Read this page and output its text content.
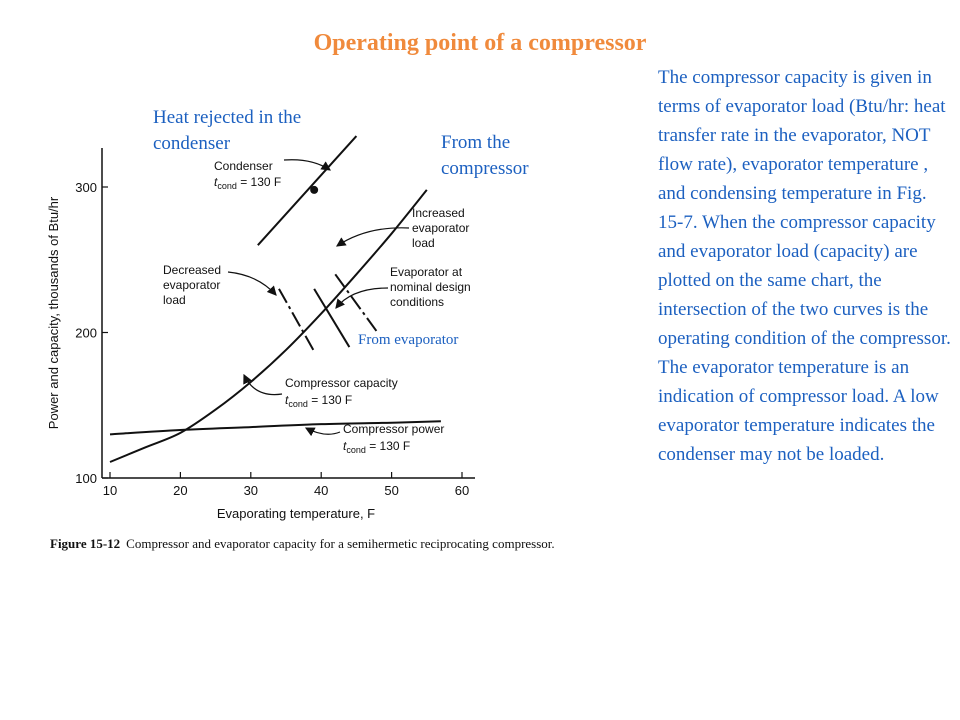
Operating point of a compressor
The compressor capacity is given in terms of evaporator load (Btu/hr: heat transfer rate in the evaporator, NOT flow rate), evaporator temperature , and condensing temperature in Fig. 15-7. When the compressor capacity and evaporator load (capacity) are plotted on the same chart, the intersection of the two curves is the operating condition of the compressor. The evaporator temperature is an indication of compressor load. A low evaporator temperature indicates the condenser may not be loaded.
Heat rejected in the condenser	From the compressor
From evaporator
100
200
300
10	20	30	40	50	60
Evaporating temperature, F
Power and capacity, thousands of Btu/hr
Condenser
$t_{cond} = 130$ F
Increased
evaporator
load
Decreased
evaporator
load
Evaporator at
nominal design
conditions
Compressor capacity
$t_{cond} = 130$ F
Compressor power
$t_{cond} = 130$ F
Figure 15-12 Compressor and evaporator capacity for a semihermetic reciprocating compressor.
